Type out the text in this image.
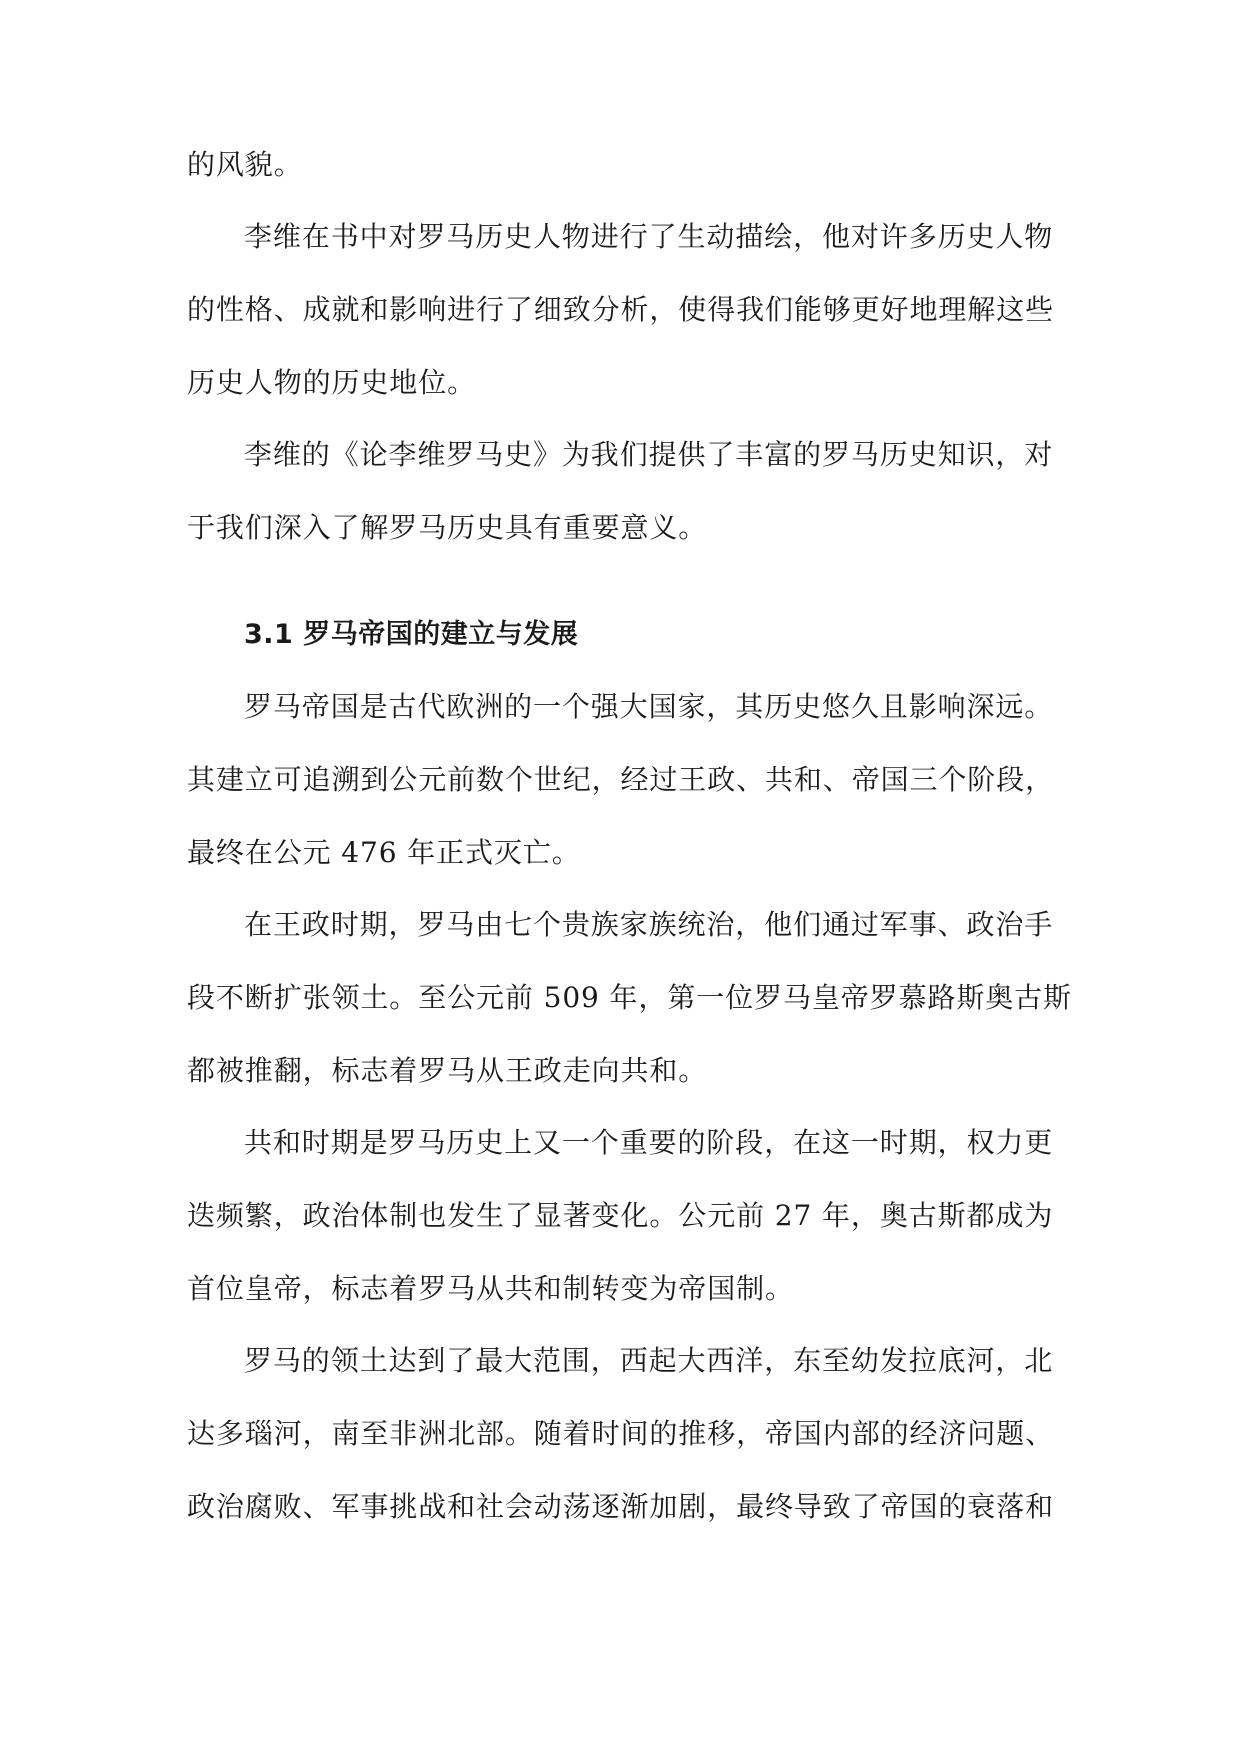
的风貌。
李维在书中对罗马历史人物进行了生动描绘，他对许多历史人物
的性格、成就和影响进行了细致分析，使得我们能够更好地理解这些
历史人物的历史地位。
李维的《论李维罗马史》为我们提供了丰富的罗马历史知识，对
于我们深入了解罗马历史具有重要意义。
3.1 罗马帝国的建立与发展
罗马帝国是古代欧洲的一个强大国家，其历史悠久且影响深远。
其建立可追溯到公元前数个世纪，经过王政、共和、帝国三个阶段，
最终在公元 476 年正式灭亡。
在王政时期，罗马由七个贵族家族统治，他们通过军事、政治手
段不断扩张领土。至公元前 509 年，第一位罗马皇帝罗慕路斯奥古斯
都被推翻，标志着罗马从王政走向共和。
共和时期是罗马历史上又一个重要的阶段，在这一时期，权力更
迭频繁，政治体制也发生了显著变化。公元前 27 年，奥古斯都成为
首位皇帝，标志着罗马从共和制转变为帝国制。
罗马的领土达到了最大范围，西起大西洋，东至幼发拉底河，北
达多瑙河，南至非洲北部。随着时间的推移，帝国内部的经济问题、
政治腐败、军事挑战和社会动荡逐渐加剧，最终导致了帝国的衰落和
